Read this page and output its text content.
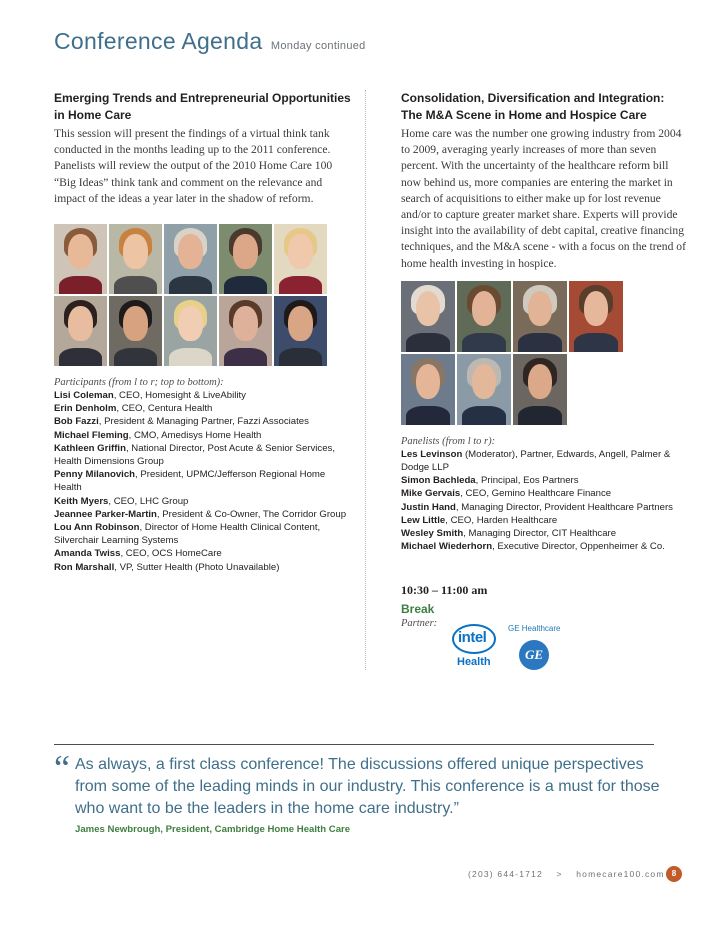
Conference Agenda Monday continued
Emerging Trends and Entrepreneurial Opportunities in Home Care
This session will present the findings of a virtual think tank conducted in the months leading up to the 2011 conference. Panelists will review the output of the 2010 Home Care 100 “Big Ideas” think tank and comment on the relevance and impact of the ideas a year later in the shadow of reform.
Participants (from l to r; top to bottom):
Lisi Coleman, CEO, Homesight & LiveAbility
Erin Denholm, CEO, Centura Health
Bob Fazzi, President & Managing Partner, Fazzi Associates
Michael Fleming, CMO, Amedisys Home Health
Kathleen Griffin, National Director, Post Acute & Senior Services, Health Dimensions Group
Penny Milanovich, President, UPMC/Jefferson Regional Home Health
Keith Myers, CEO, LHC Group
Jeannee Parker-Martin, President & Co-Owner, The Corridor Group
Lou Ann Robinson, Director of Home Health Clinical Content, Silverchair Learning Systems
Amanda Twiss, CEO, OCS HomeCare
Ron Marshall, VP, Sutter Health (Photo Unavailable)
Consolidation, Diversification and Integration: The M&A Scene in Home and Hospice Care
Home care was the number one growing industry from 2004 to 2009, averaging yearly increases of more than seven percent. With the uncertainty of the healthcare reform bill now behind us, more companies are entering the market in search of acquisitions to either make up for lost revenue and/or to capture greater market share. Experts will provide insight into the availability of debt capital, creative financing techniques, and the M&A scene - with a focus on the trend of home health investing in hospice.
Panelists (from l to r):
Les Levinson (Moderator), Partner, Edwards, Angell, Palmer & Dodge LLP
Simon Bachleda, Principal, Eos Partners
Mike Gervais, CEO, Gemino Healthcare Finance
Justin Hand, Managing Director, Provident Healthcare Partners
Lew Little, CEO, Harden Healthcare
Wesley Smith, Managing Director, CIT Healthcare
Michael Wiederhorn, Executive Director, Oppenheimer & Co.
10:30 – 11:00 am
Break
Partner:
intel
Health
GE Healthcare
GE
“ As always, a first class conference! The discussions offered unique perspectives from some of the leading minds in our industry. This conference is a must for those who want to be the leaders in the home care industry.”
James Newbrough, President, Cambridge Home Health Care
(203) 644-1712 > homecare100.com 8
